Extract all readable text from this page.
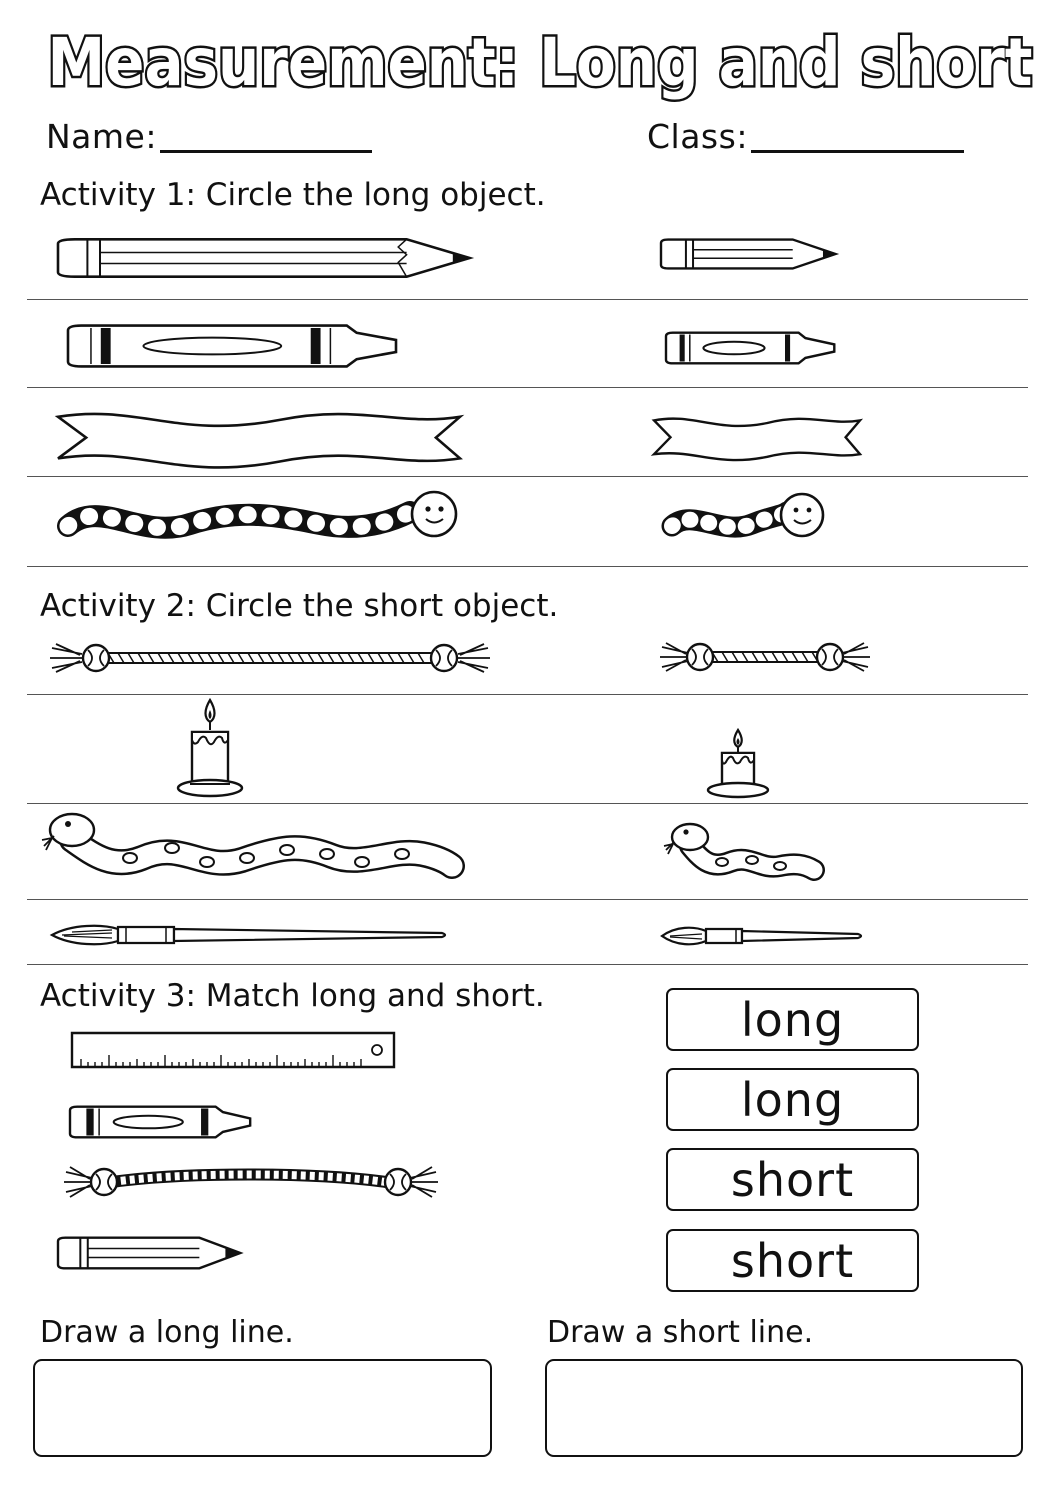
Measurement: Long and short
Name:	Class:
Activity 1: Circle the long object.
Activity 2: Circle the short object.
Activity 3: Match long and short.	long
long
short
short
Draw a long line.	Draw a short line.
